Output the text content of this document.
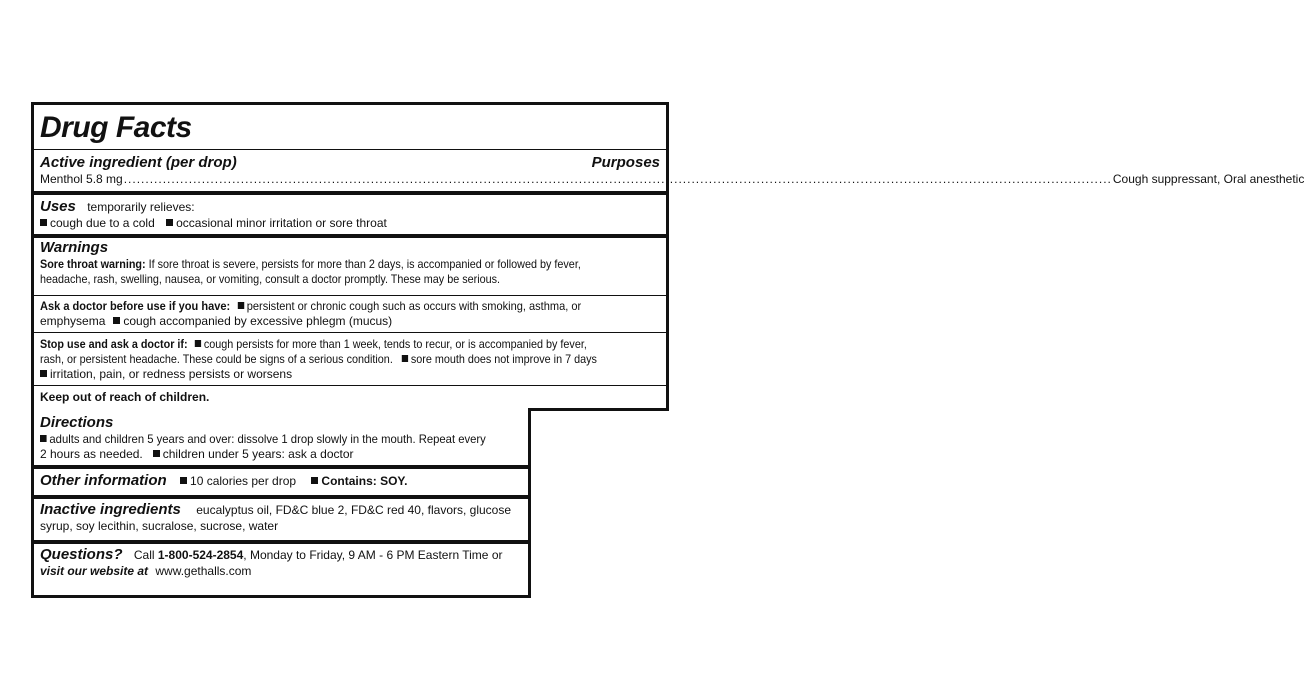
Drug Facts
Active ingredient (per drop)	Purposes
Menthol 5.8 mg .................................................................................................................................................................................................................................... Cough suppressant, Oral anesthetic
Uses temporarily relieves:
cough due to a cold occasional minor irritation or sore throat
Warnings
Sore throat warning: If sore throat is severe, persists for more than 2 days, is accompanied or followed by fever,
headache, rash, swelling, nausea, or vomiting, consult a doctor promptly. These may be serious.
Ask a doctor before use if you have: persistent or chronic cough such as occurs with smoking, asthma, or
emphysema cough accompanied by excessive phlegm (mucus)
Stop use and ask a doctor if: cough persists for more than 1 week, tends to recur, or is accompanied by fever,
rash, or persistent headache. These could be signs of a serious condition. sore mouth does not improve in 7 days
irritation, pain, or redness persists or worsens
Keep out of reach of children.
Directions
adults and children 5 years and over: dissolve 1 drop slowly in the mouth. Repeat every
2 hours as needed. children under 5 years: ask a doctor
Other information 10 calories per drop Contains: SOY.
Inactive ingredients eucalyptus oil, FD&C blue 2, FD&C red 40, flavors, glucose
syrup, soy lecithin, sucralose, sucrose, water
Questions? Call 1-800-524-2854, Monday to Friday, 9 AM - 6 PM Eastern Time or
visit our website at www.gethalls.com
